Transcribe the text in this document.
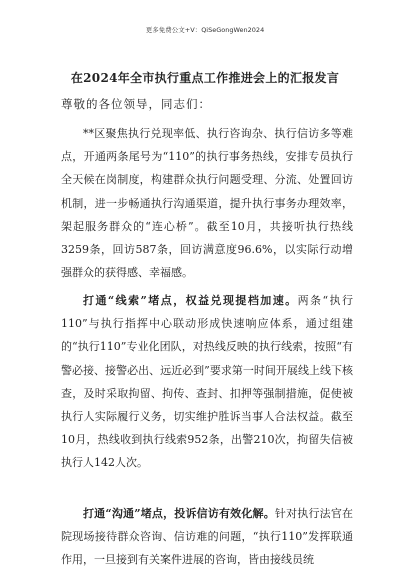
更多免费公文+V：QiSeGongWen2024
在2024年全市执行重点工作推进会上的汇报发言
尊敬的各位领导，同志们：

**区聚焦执行兑现率低、执行咨询杂、执行信访多等难点，开通两条尾号为“110”的执行事务热线，安排专员执行全天候在岗制度，构建群众执行问题受理、分流、处置回访机制，进一步畅通执行沟通渠道，提升执行事务办理效率，架起服务群众的“连心桥”。截至10月，共接听执行热线3259条，回访587条，回访满意度96.6%，以实际行动增强群众的获得感、幸福感。

打通“线索”堵点，权益兑现提档加速。两条“执行110”与执行指挥中心联动形成快速响应体系，通过组建的“执行110”专业化团队，对热线反映的执行线索，按照“有警必接、接警必出、远近必到”要求第一时间开展线上线下核查，及时采取拘留、拘传、查封、扣押等强制措施，促使被执行人实际履行义务，切实维护胜诉当事人合法权益。截至10月，热线收到执行线索952条，出警210次，拘留失信被执行人142人次。

打通“沟通”堵点，投诉信访有效化解。针对执行法官在院现场接待群众咨询、信访难的问题，“执行110”发挥联通作用，一旦接到有关案件进展的咨询，皆由接线员统
